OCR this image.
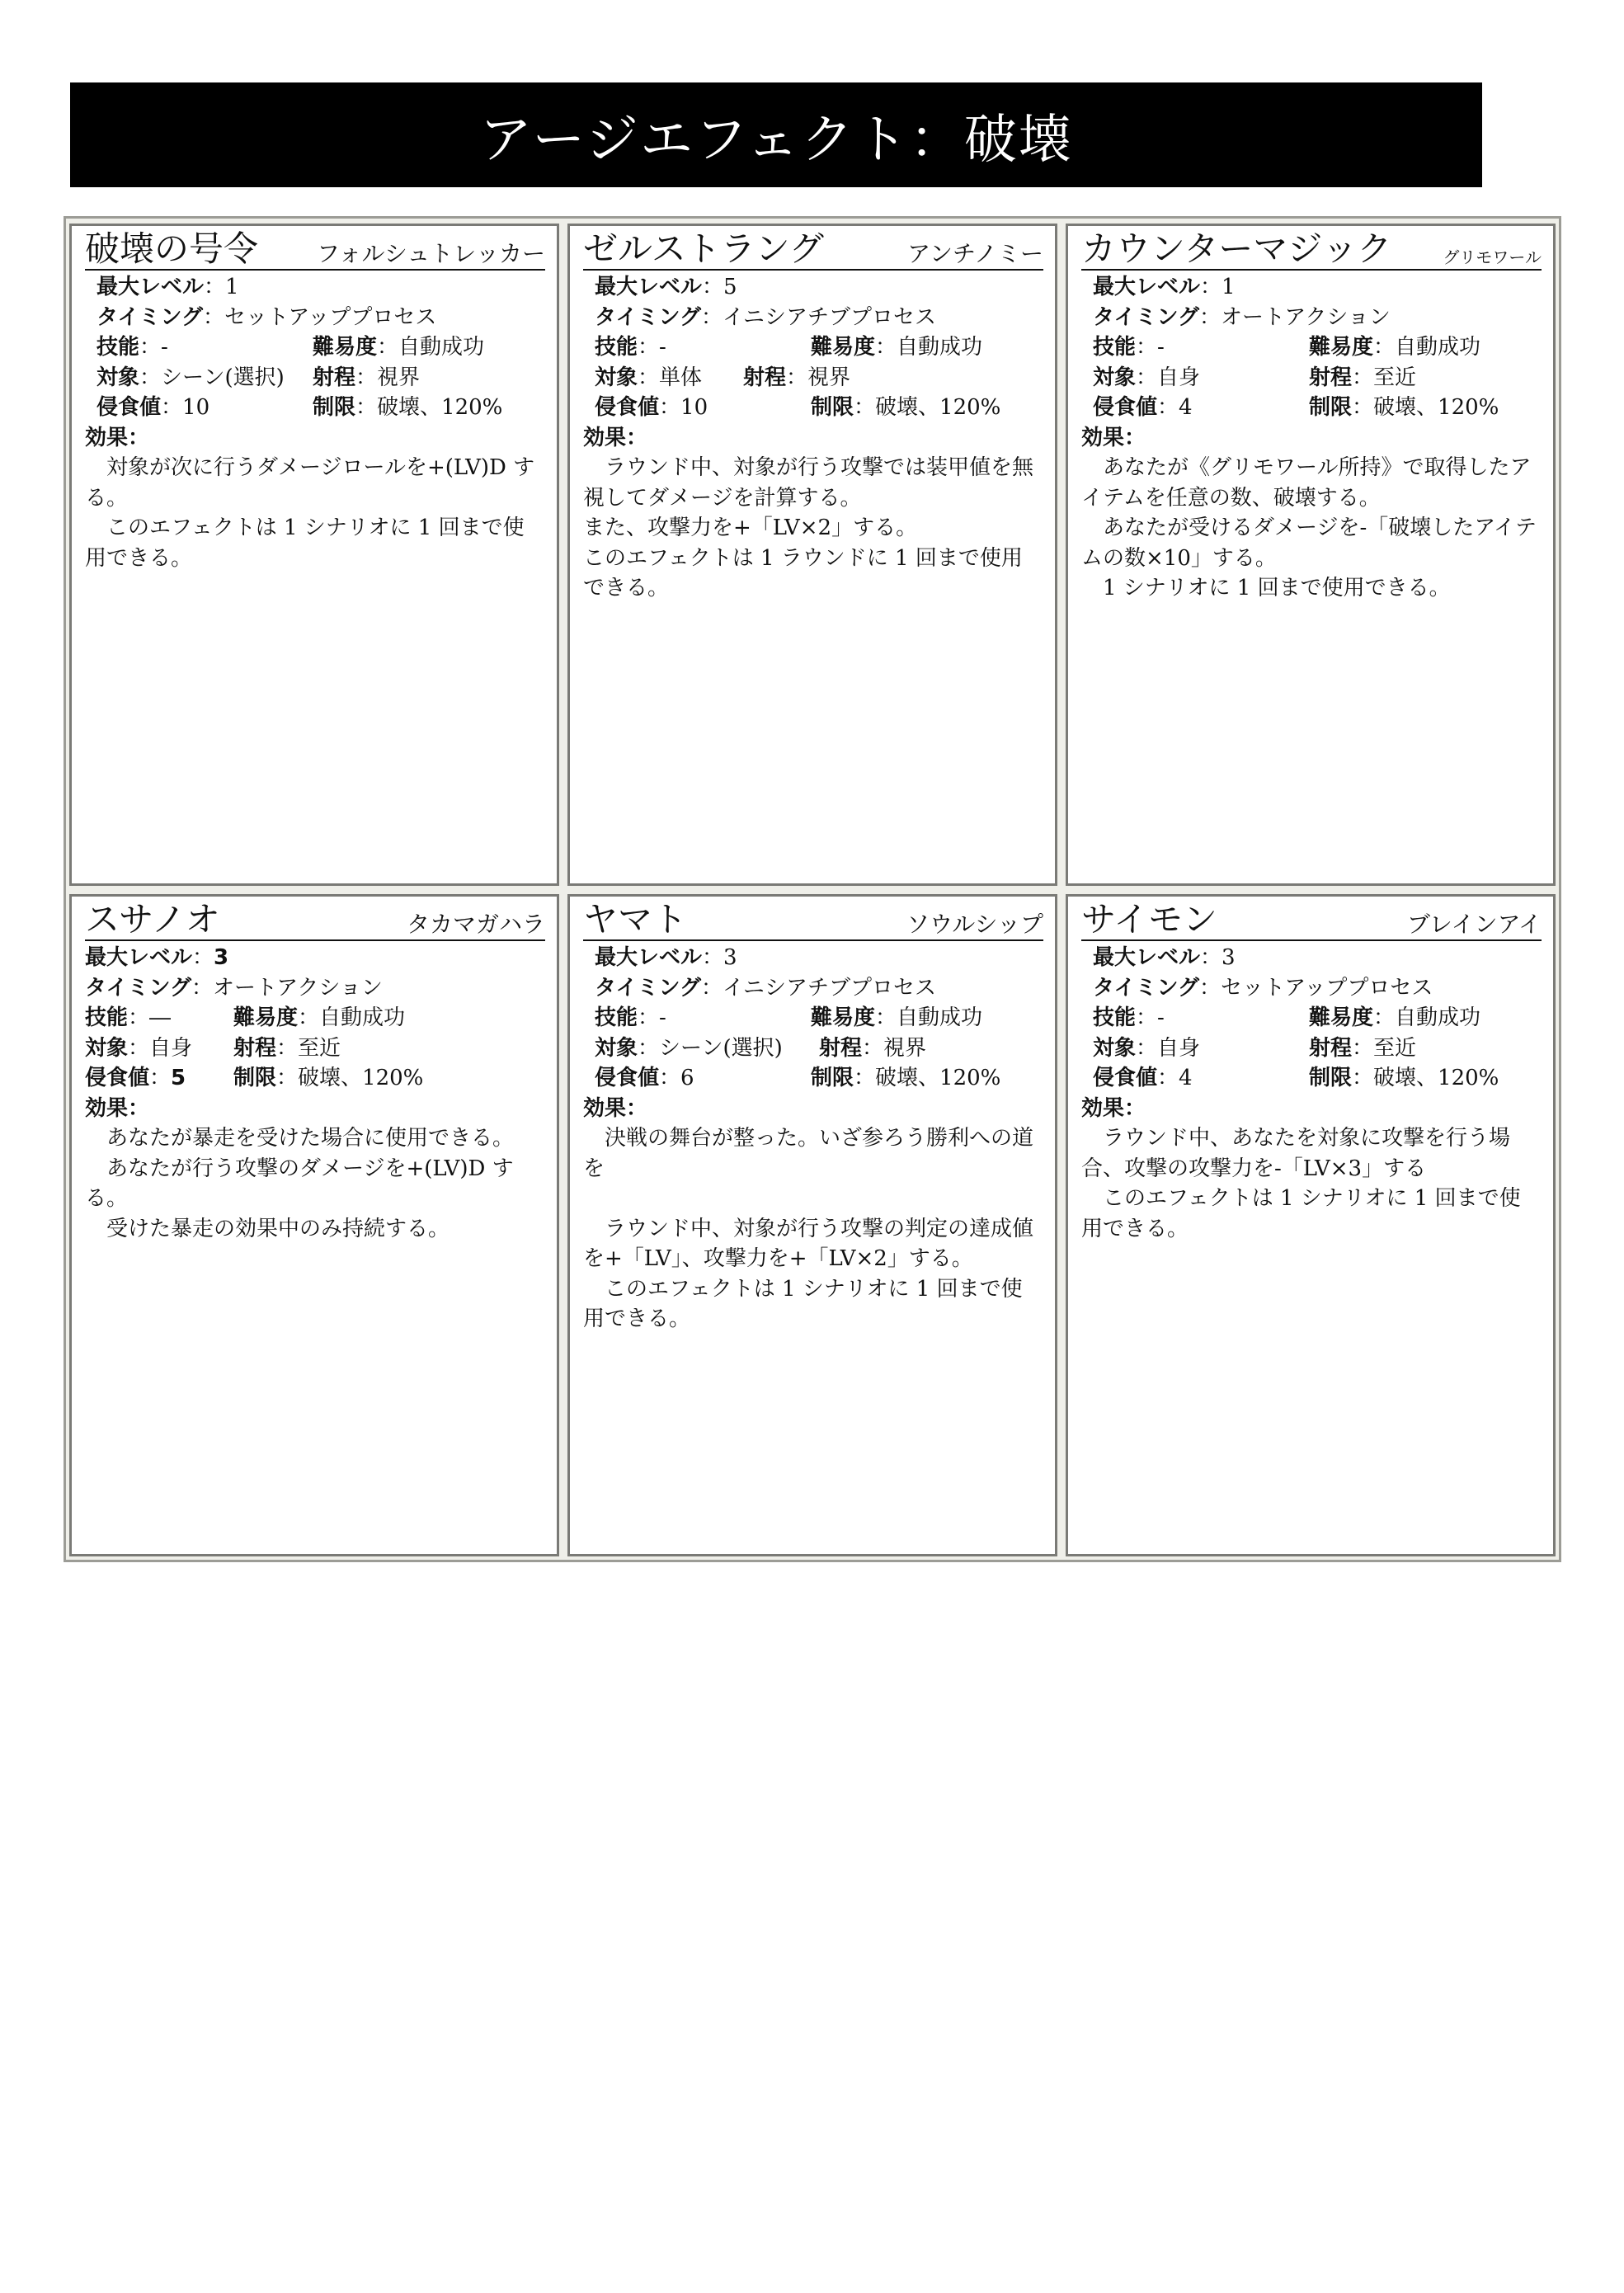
アージエフェクト：破壊
破壊の号令	フォルシュトレッカー
最大レベル ： 1
タイミング ： セットアッププロセス
技能 ： -	難易度 ： 自動成功
対象 ： シーン(選択)	射程 ： 視界
侵食値 ： 10	制限 ： 破壊、120%
効果：

対象が次に行うダメージロールを+(LV)D する。

このエフェクトは 1 シナリオに 1 回まで使用できる。

ゼルストラング	アンチノミー
最大レベル ： 5
タイミング ： イニシアチブプロセス
技能 ： -	難易度 ： 自動成功
対象 ： 単体	射程 ： 視界
侵食値 ： 10	制限 ： 破壊、120%
効果：

ラウンド中、対象が行う攻撃では装甲値を無視してダメージを計算する。

また、攻撃力を+「LV×2」する。

このエフェクトは 1 ラウンドに 1 回まで使用できる。

カウンターマジック	グリモワール
最大レベル ： 1
タイミング ： オートアクション
技能 ： -	難易度 ： 自動成功
対象 ： 自身	射程 ： 至近
侵食値 ： 4	制限 ： 破壊、120%
効果：

あなたが《グリモワール所持》で取得したアイテムを任意の数、破壊する。

あなたが受けるダメージを-「破壊したアイテムの数×10」する。

1 シナリオに 1 回まで使用できる。

スサノオ	タカマガハラ
最大レベル ： 3
タイミング ： オートアクション
技能 ： ―	難易度 ： 自動成功
対象 ： 自身	射程 ： 至近
侵食値 ： 5	制限 ： 破壊、120%
効果：

あなたが暴走を受けた場合に使用できる。

あなたが行う攻撃のダメージを+(LV)D する。

受けた暴走の効果中のみ持続する。

ヤマト	ソウルシップ
最大レベル ： 3
タイミング ： イニシアチブプロセス
技能 ： -	難易度 ： 自動成功
対象 ： シーン(選択)	射程 ： 視界
侵食値 ： 6	制限 ： 破壊、120%
効果：

決戦の舞台が整った。いざ参ろう勝利への道を

ラウンド中、対象が行う攻撃の判定の達成値を+「LV」、攻撃力を+「LV×2」する。

このエフェクトは 1 シナリオに 1 回まで使用できる。

サイモン	ブレインアイ
最大レベル ： 3
タイミング ： セットアッププロセス
技能 ： -	難易度 ： 自動成功
対象 ： 自身	射程 ： 至近
侵食値 ： 4	制限 ： 破壊、120%
効果：

ラウンド中、あなたを対象に攻撃を行う場合、攻撃の攻撃力を-「LV×3」する

このエフェクトは 1 シナリオに 1 回まで使用できる。
